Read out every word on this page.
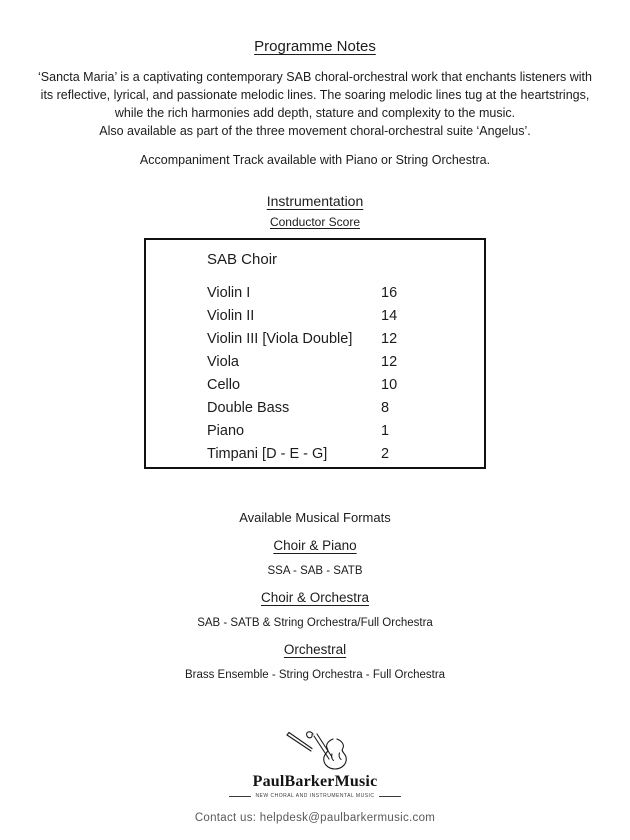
Programme Notes
‘Sancta Maria’ is a captivating contemporary SAB choral-orchestral work that enchants listeners with
its reflective, lyrical, and passionate melodic lines. The soaring melodic lines tug at the heartstrings,
while the rich harmonies add depth, stature and complexity to the music.
Also available as part of the three movement choral-orchestral suite ‘Angelus’.
Accompaniment Track available with Piano or String Orchestra.
Instrumentation
Conductor Score
SAB Choir
Violin I	16
Violin II	14
Violin III [Viola Double]	12
Viola	12
Cello	10
Double Bass	8
Piano	1
Timpani [D - E - G]	2
Available Musical Formats
Choir & Piano
SSA - SAB - SATB
Choir & Orchestra
SAB - SATB & String Orchestra/Full Orchestra
Orchestral
Brass Ensemble - String Orchestra - Full Orchestra
PaulBarkerMusic
NEW CHORAL AND INSTRUMENTAL MUSIC
Contact us: helpdesk@paulbarkermusic.com
